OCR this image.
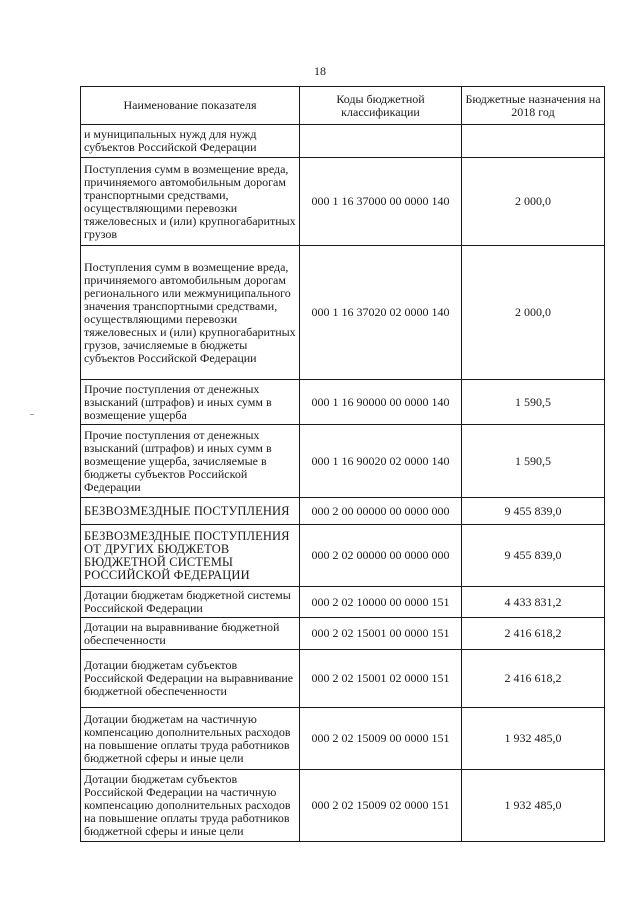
18
Наименование показателя	Коды бюджетной классификации	Бюджетные назначения на 2018 год
и муниципальных нужд для нужд субъектов Российской Федерации		
Поступления сумм в возмещение вреда, причиняемого автомобильным дорогам транспортными средствами, осуществляющими перевозки тяжеловесных и (или) крупногабаритных грузов	000 1 16 37000 00 0000 140	2 000,0
Поступления сумм в возмещение вреда, причиняемого автомобильным дорогам регионального или межмуниципального значения транспортными средствами, осуществляющими перевозки тяжеловесных и (или) крупногабаритных грузов, зачисляемые в бюджеты субъектов Российской Федерации	000 1 16 37020 02 0000 140	2 000,0
Прочие поступления от денежных взысканий (штрафов) и иных сумм в возмещение ущерба	000 1 16 90000 00 0000 140	1 590,5
Прочие поступления от денежных взысканий (штрафов) и иных сумм в возмещение ущерба, зачисляемые в бюджеты субъектов Российской Федерации	000 1 16 90020 02 0000 140	1 590,5
БЕЗВОЗМЕЗДНЫЕ ПОСТУПЛЕНИЯ	000 2 00 00000 00 0000 000	9 455 839,0
БЕЗВОЗМЕЗДНЫЕ ПОСТУПЛЕНИЯ ОТ ДРУГИХ БЮДЖЕТОВ БЮДЖЕТНОЙ СИСТЕМЫ РОССИЙСКОЙ ФЕДЕРАЦИИ	000 2 02 00000 00 0000 000	9 455 839,0
Дотации бюджетам бюджетной системы Российской Федерации	000 2 02 10000 00 0000 151	4 433 831,2
Дотации на выравнивание бюджетной обеспеченности	000 2 02 15001 00 0000 151	2 416 618,2
Дотации бюджетам субъектов Российской Федерации на выравнивание бюджетной обеспеченности	000 2 02 15001 02 0000 151	2 416 618,2
Дотации бюджетам на частичную компенсацию дополнительных расходов на повышение оплаты труда работников бюджетной сферы и иные цели	000 2 02 15009 00 0000 151	1 932 485,0
Дотации бюджетам субъектов Российской Федерации на частичную компенсацию дополнительных расходов на повышение оплаты труда работников бюджетной сферы и иные цели	000 2 02 15009 02 0000 151	1 932 485,0
